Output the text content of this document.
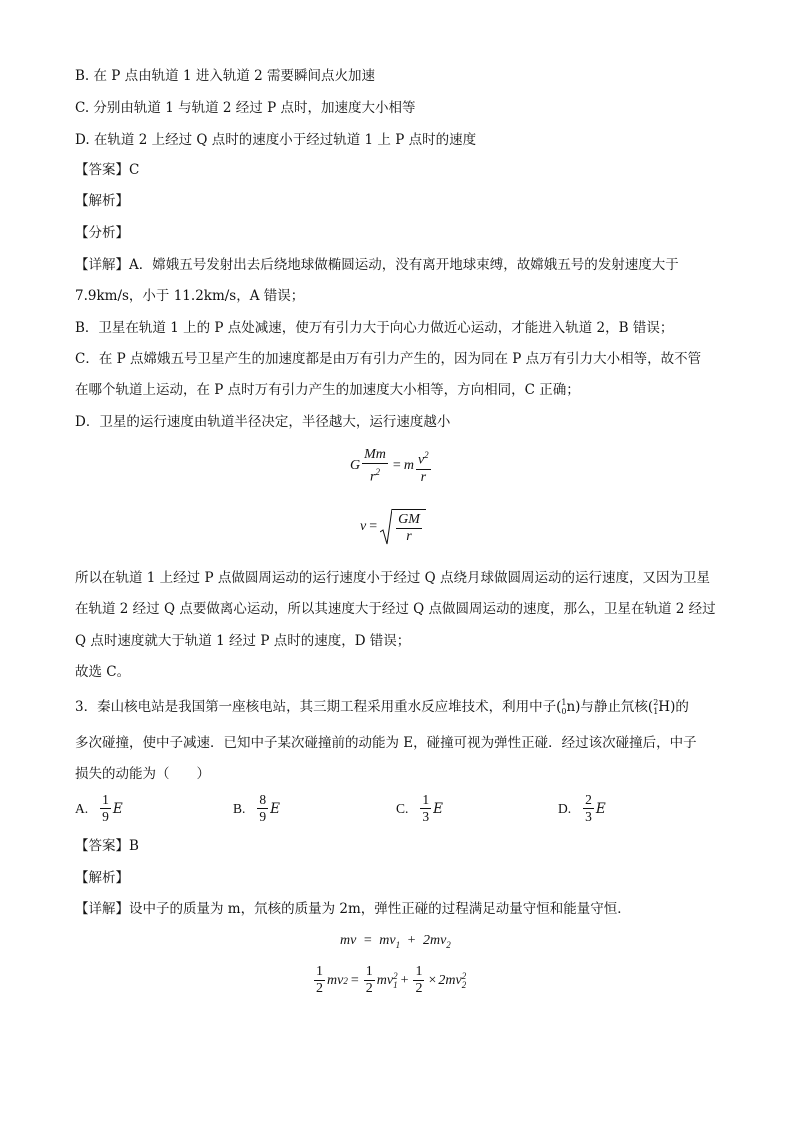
B. 在 P 点由轨道 1 进入轨道 2 需要瞬间点火加速
C. 分别由轨道 1 与轨道 2 经过 P 点时，加速度大小相等
D. 在轨道 2 上经过 Q 点时的速度小于经过轨道 1 上 P 点时的速度
【答案】C
【解析】
【分析】
【详解】A．嫦娥五号发射出去后绕地球做椭圆运动，没有离开地球束缚，故嫦娥五号的发射速度大于
7.9km/s，小于 11.2km/s，A 错误；
B．卫星在轨道 1 上的 P 点处减速，使万有引力大于向心力做近心运动，才能进入轨道 2，B 错误；
C．在 P 点嫦娥五号卫星产生的加速度都是由万有引力产生的，因为同在 P 点万有引力大小相等，故不管
在哪个轨道上运动，在 P 点时万有引力产生的加速度大小相等，方向相同，C 正确；
D．卫星的运行速度由轨道半径决定，半径越大，运行速度越小
G $\frac{Mm}{r^2} = m \frac{v^2}{r}$
v = GM
r
所以在轨道 1 上经过 P 点做圆周运动的运行速度小于经过 Q 点绕月球做圆周运动的运行速度，又因为卫星
在轨道 2 经过 Q 点要做离心运动，所以其速度大于经过 Q 点做圆周运动的速度，那么，卫星在轨道 2 经过
Q 点时速度就大于轨道 1 经过 P 点时的速度，D 错误；
故选 C。
3．秦山核电站是我国第一座核电站，其三期工程采用重水反应堆技术，利用中子( 1
0 n )与静止氘核( 2
1 H )的
多次碰撞，使中子减速．已知中子某次碰撞前的动能为 E，碰撞可视为弹性正碰．经过该次碰撞后，中子
损失的动能为（　　）
A. $\frac{1}{9}$ E	B. $\frac{8}{9}$ E	C. $\frac{1}{3}$ E	D. $\frac{2}{3}$ E
【答案】B
【解析】
【详解】设中子的质量为 m，氘核的质量为 2m，弹性正碰的过程满足动量守恒和能量守恒．
mv = $mv_1 + 2mv_2$
$\frac{1}{2}$ mv $2 = \frac{1}{2}$ mv 2
$1 + \frac{1}{2} \times 2mv$ 2
2
